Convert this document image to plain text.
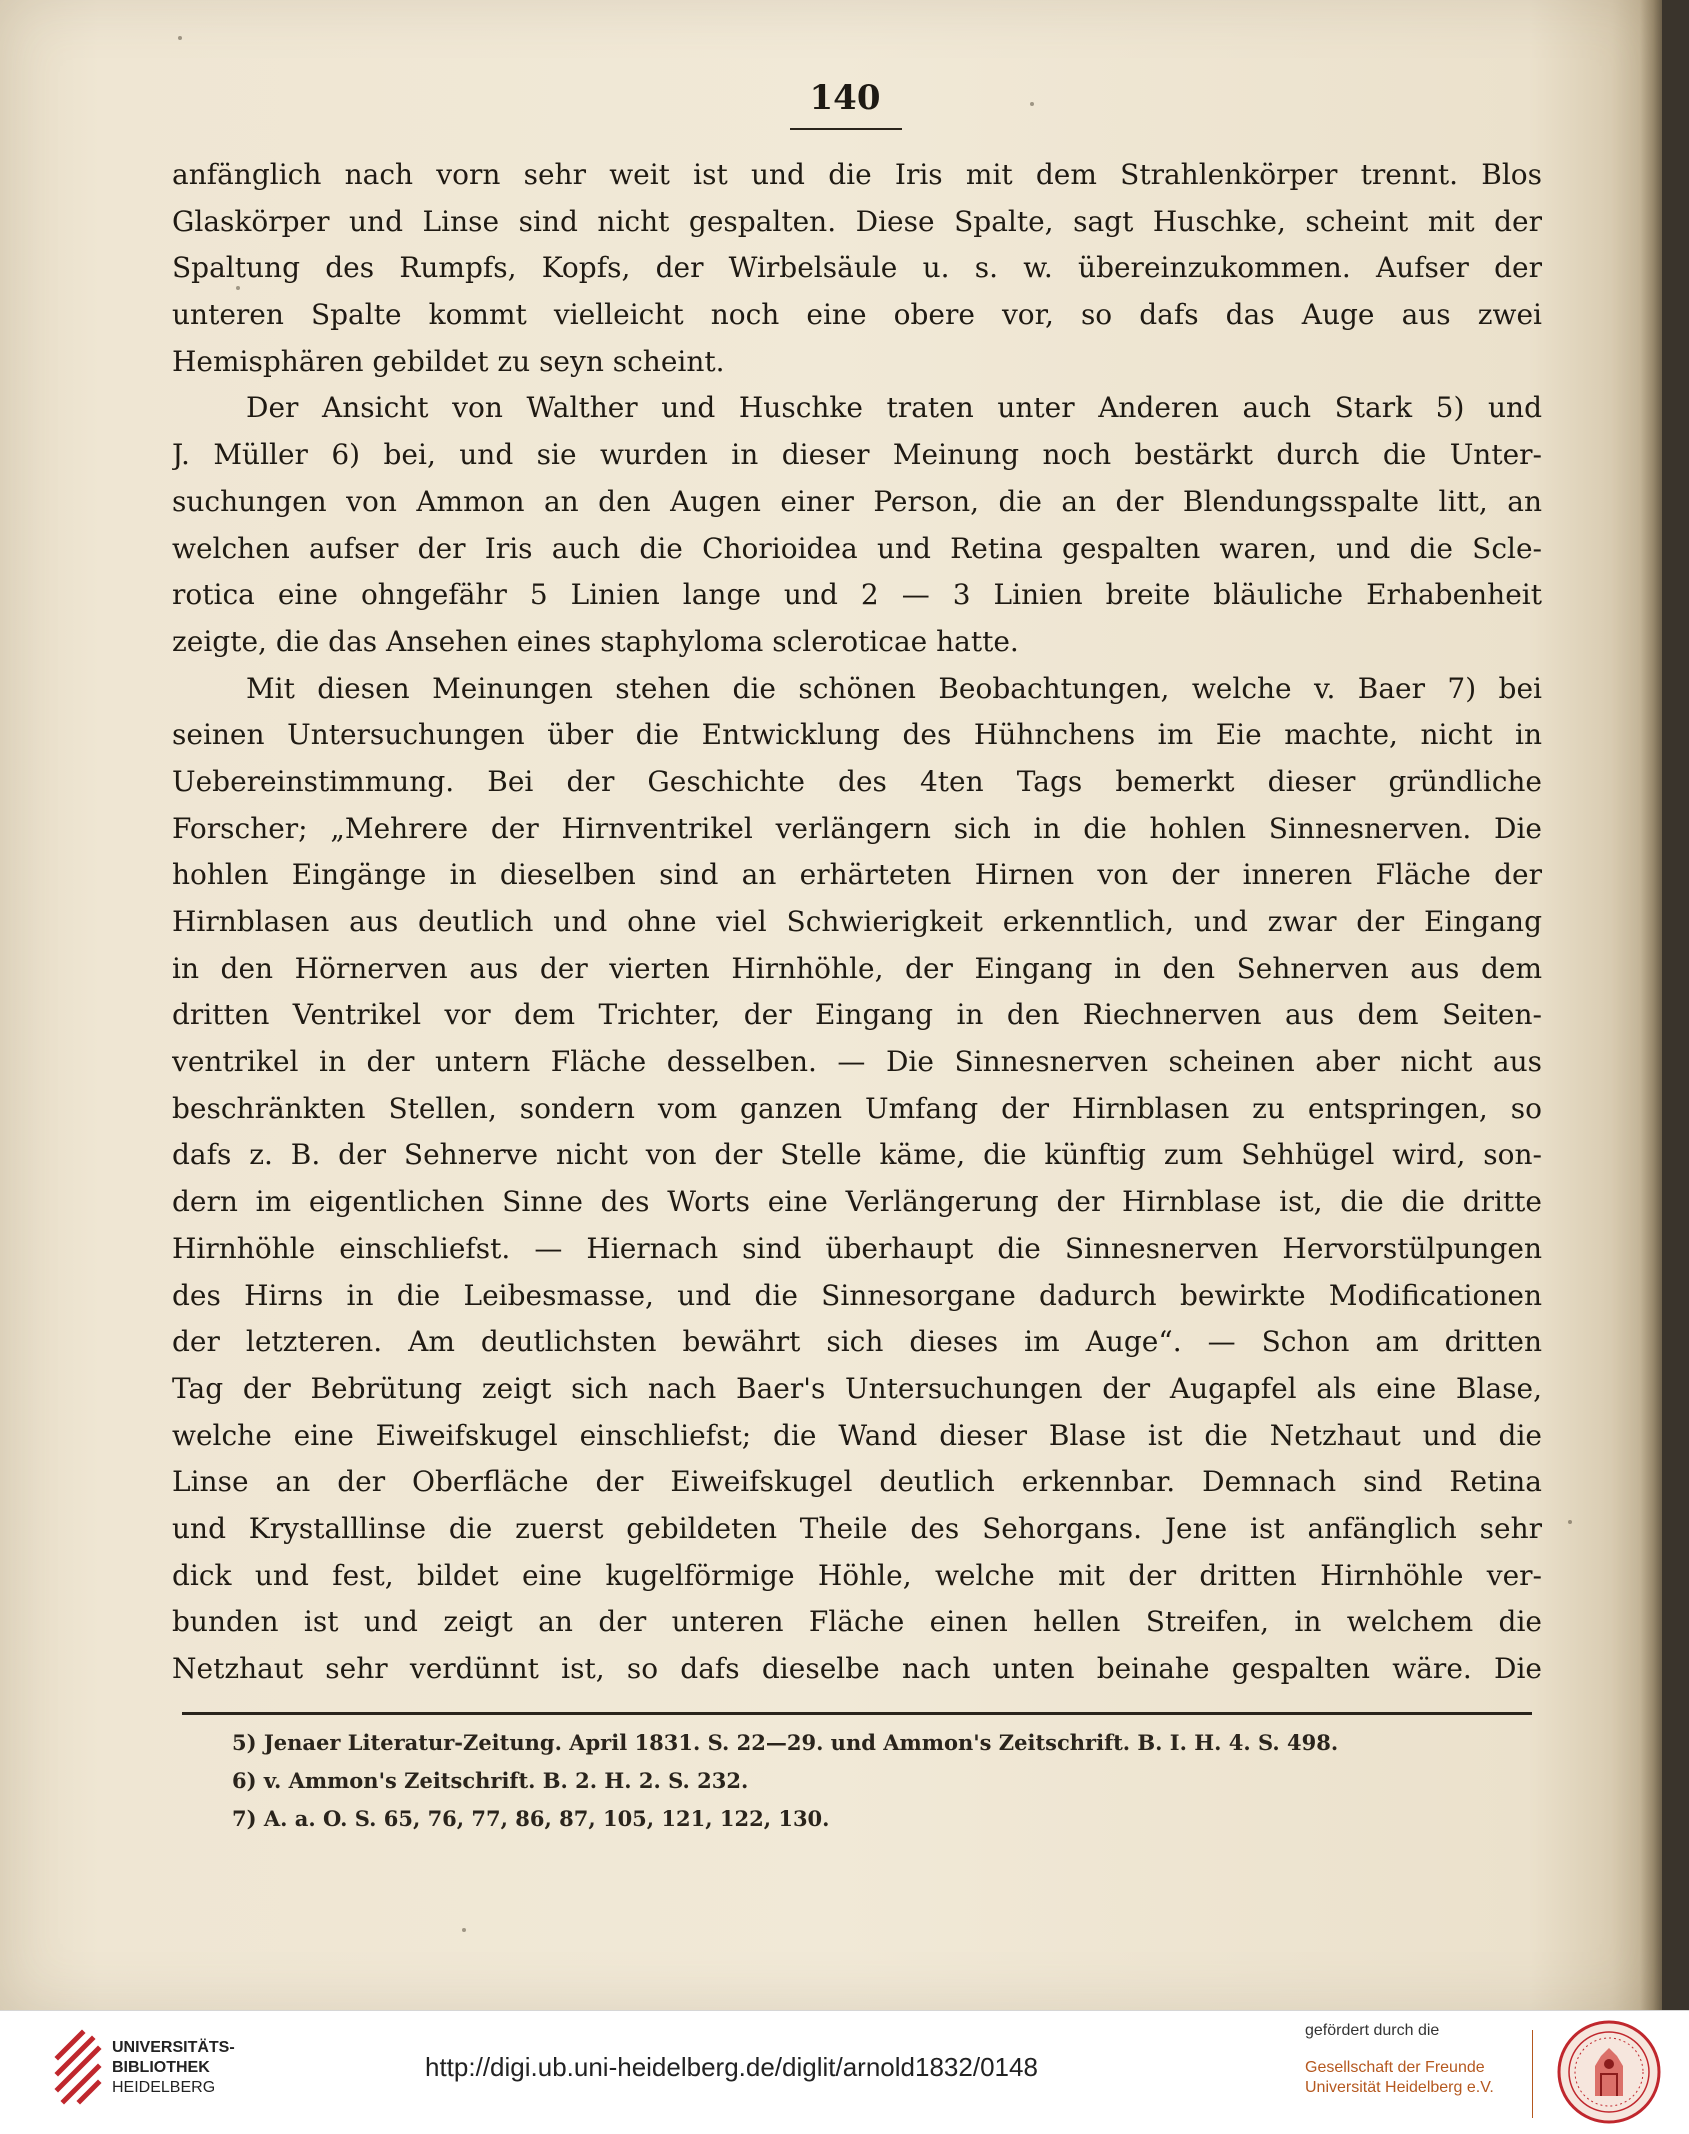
140
anfänglich nach vorn sehr weit ist und die Iris mit dem Strahlenkörper trennt. Blos
Glaskörper und Linse sind nicht gespalten. Diese Spalte, sagt Huschke, scheint mit der
Spaltung des Rumpfs, Kopfs, der Wirbelsäule u. s. w. übereinzukommen. Aufser der
unteren Spalte kommt vielleicht noch eine obere vor, so dafs das Auge aus zwei
Hemisphären gebildet zu seyn scheint.
Der Ansicht von Walther und Huschke traten unter Anderen auch Stark 5) und
J. Müller 6) bei, und sie wurden in dieser Meinung noch bestärkt durch die Unter-
suchungen von Ammon an den Augen einer Person, die an der Blendungsspalte litt, an
welchen aufser der Iris auch die Chorioidea und Retina gespalten waren, und die Scle-
rotica eine ohngefähr 5 Linien lange und 2 — 3 Linien breite bläuliche Erhabenheit
zeigte, die das Ansehen eines staphyloma scleroticae hatte.
Mit diesen Meinungen stehen die schönen Beobachtungen, welche v. Baer 7) bei
seinen Untersuchungen über die Entwicklung des Hühnchens im Eie machte, nicht in
Uebereinstimmung. Bei der Geschichte des 4ten Tags bemerkt dieser gründliche
Forscher; „Mehrere der Hirnventrikel verlängern sich in die hohlen Sinnesnerven. Die
hohlen Eingänge in dieselben sind an erhärteten Hirnen von der inneren Fläche der
Hirnblasen aus deutlich und ohne viel Schwierigkeit erkenntlich, und zwar der Eingang
in den Hörnerven aus der vierten Hirnhöhle, der Eingang in den Sehnerven aus dem
dritten Ventrikel vor dem Trichter, der Eingang in den Riechnerven aus dem Seiten-
ventrikel in der untern Fläche desselben. — Die Sinnesnerven scheinen aber nicht aus
beschränkten Stellen, sondern vom ganzen Umfang der Hirnblasen zu entspringen, so
dafs z. B. der Sehnerve nicht von der Stelle käme, die künftig zum Sehhügel wird, son-
dern im eigentlichen Sinne des Worts eine Verlängerung der Hirnblase ist, die die dritte
Hirnhöhle einschliefst. — Hiernach sind überhaupt die Sinnesnerven Hervorstülpungen
des Hirns in die Leibesmasse, und die Sinnesorgane dadurch bewirkte Modificationen
der letzteren. Am deutlichsten bewährt sich dieses im Auge“. — Schon am dritten
Tag der Bebrütung zeigt sich nach Baer's Untersuchungen der Augapfel als eine Blase,
welche eine Eiweifskugel einschliefst; die Wand dieser Blase ist die Netzhaut und die
Linse an der Oberfläche der Eiweifskugel deutlich erkennbar. Demnach sind Retina
und Krystalllinse die zuerst gebildeten Theile des Sehorgans. Jene ist anfänglich sehr
dick und fest, bildet eine kugelförmige Höhle, welche mit der dritten Hirnhöhle ver-
bunden ist und zeigt an der unteren Fläche einen hellen Streifen, in welchem die
Netzhaut sehr verdünnt ist, so dafs dieselbe nach unten beinahe gespalten wäre. Die
5) Jenaer Literatur-Zeitung. April 1831. S. 22—29. und Ammon's Zeitschrift. B. I. H. 4. S. 498.
6) v. Ammon's Zeitschrift. B. 2. H. 2. S. 232.
7) A. a. O. S. 65, 76, 77, 86, 87, 105, 121, 122, 130.
UNIVERSITÄTS-
BIBLIOTHEK
HEIDELBERG
http://digi.ub.uni-heidelberg.de/diglit/arnold1832/0148
gefördert durch die
Gesellschaft der Freunde
Universität Heidelberg e.V.
